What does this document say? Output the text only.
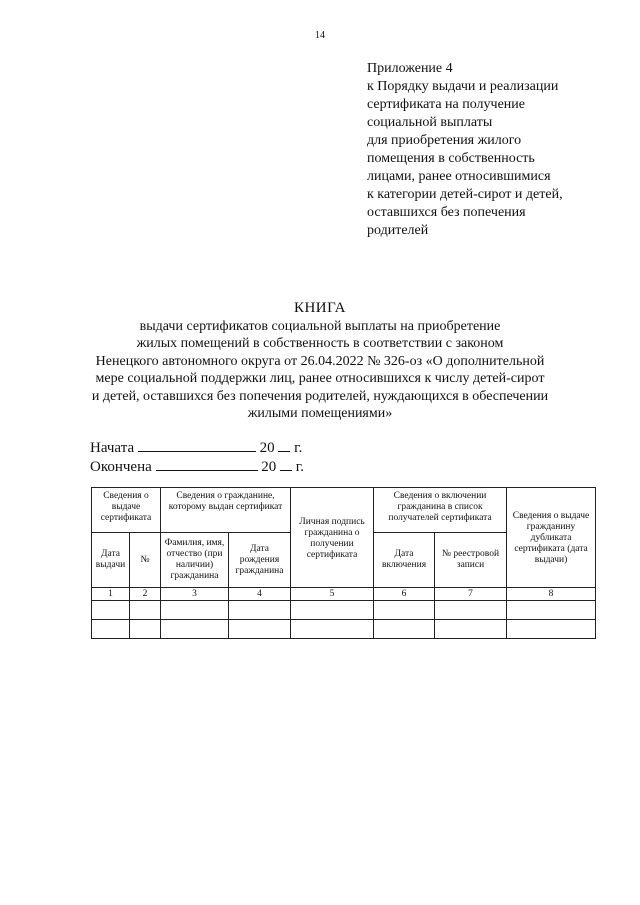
14
Приложение 4
к Порядку выдачи и реализации
сертификата на получение
социальной выплаты
для приобретения жилого
помещения в собственность
лицами, ранее относившимися
к категории детей-сирот и детей,
оставшихся без попечения
родителей
КНИГА
выдачи сертификатов социальной выплаты на приобретение
жилых помещений в собственность в соответствии с законом
Ненецкого автономного округа от 26.04.2022 № 326-оз «О дополнительной
мере социальной поддержки лиц, ранее относившихся к числу детей-сирот
и детей, оставшихся без попечения родителей, нуждающихся в обеспечении
жилыми помещениями»
Начата	20 г.
Окончена	20 г.
Сведения о выдаче сертификата		Сведения о гражданине, которому выдан сертификат		Личная подпись гражданина о получении сертификата	Сведения о включении гражданина в список получателей сертификата		Сведения о выдаче гражданину дубликата сертификата (дата выдачи)
Дата выдачи	№	Фамилия, имя, отчество (при наличии) гражданина	Дата рождения гражданина		Дата включения	№ реестровой записи	
1	2	3	4	5	6	7	8
